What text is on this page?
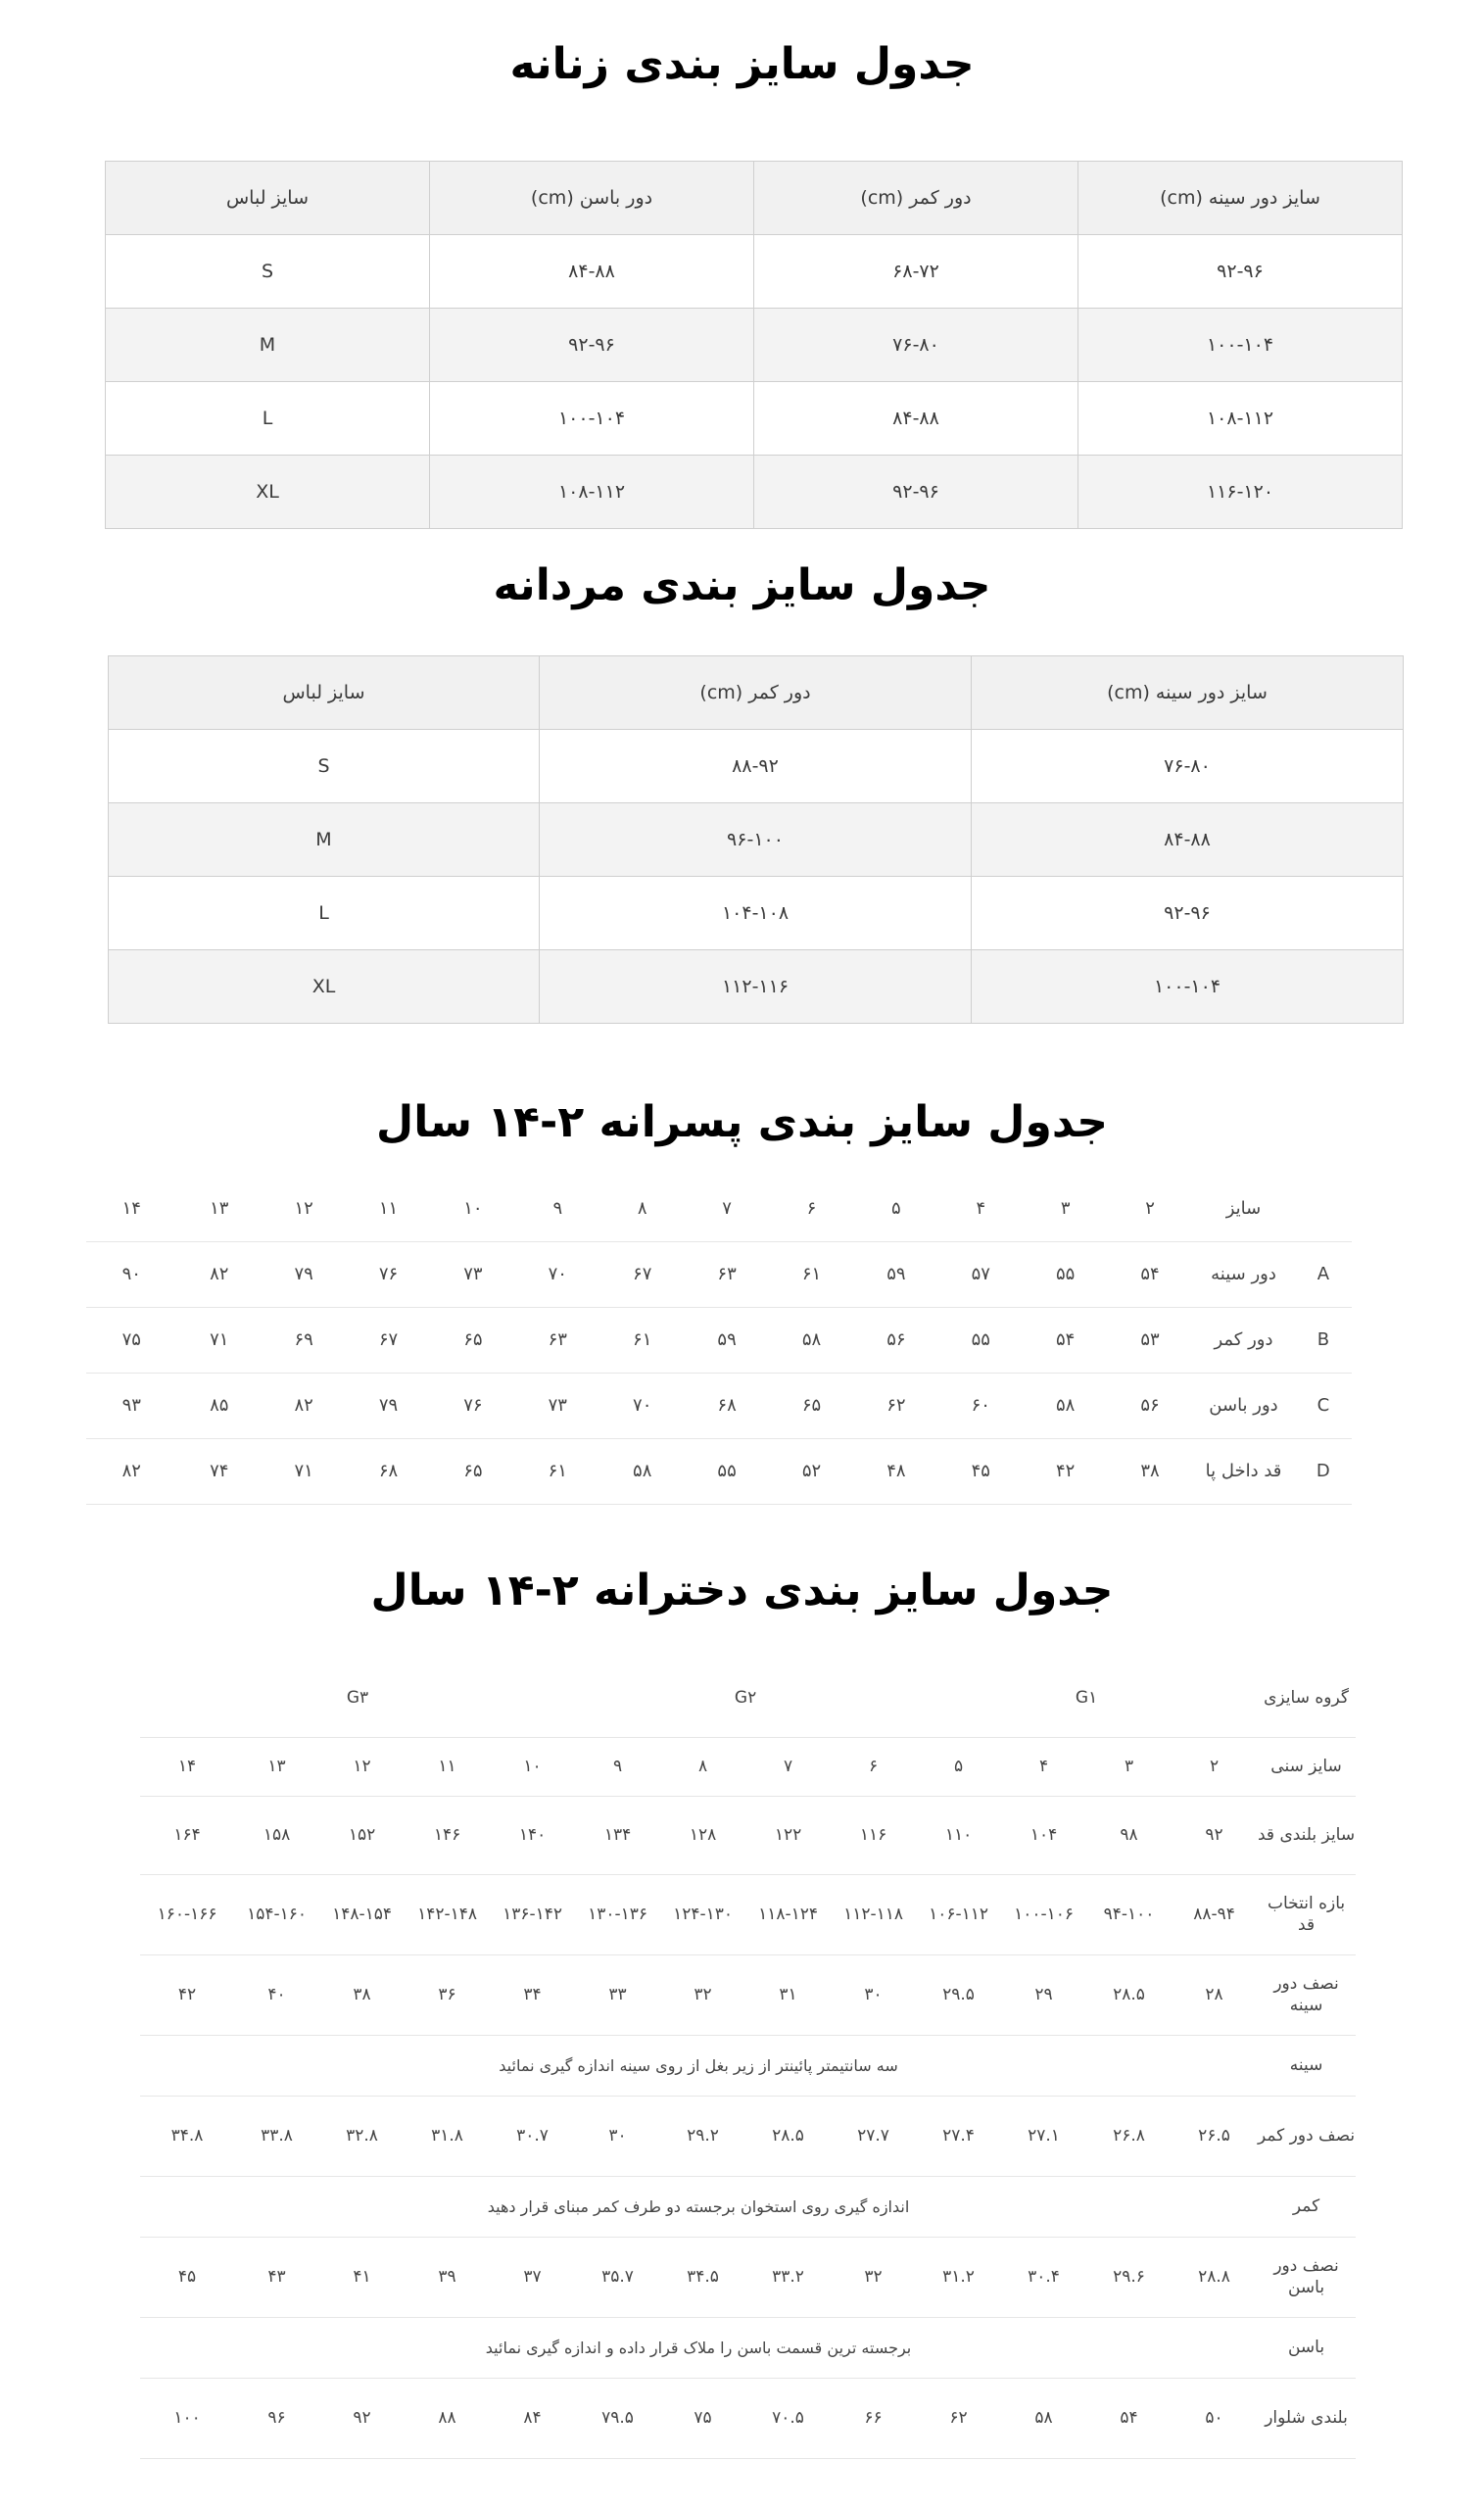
جدول سایز بندی زنانه
سایز دور سینه (cm)	دور کمر (cm)	دور باسن (cm)	سایز لباس
۹۲-۹۶	۶۸-۷۲	۸۴-۸۸	S
۱۰۰-۱۰۴	۷۶-۸۰	۹۲-۹۶	M
۱۰۸-۱۱۲	۸۴-۸۸	۱۰۰-۱۰۴	L
۱۱۶-۱۲۰	۹۲-۹۶	۱۰۸-۱۱۲	XL
جدول سایز بندی مردانه
سایز دور سینه (cm)	دور کمر (cm)	سایز لباس
۷۶-۸۰	۸۸-۹۲	S
۸۴-۸۸	۹۶-۱۰۰	M
۹۲-۹۶	۱۰۴-۱۰۸	L
۱۰۰-۱۰۴	۱۱۲-۱۱۶	XL
جدول سایز بندی پسرانه ۲-۱۴ سال
	سایز	۲	۳	۴	۵	۶	۷	۸	۹	۱۰	۱۱	۱۲	۱۳	۱۴
A	دور سینه	۵۴	۵۵	۵۷	۵۹	۶۱	۶۳	۶۷	۷۰	۷۳	۷۶	۷۹	۸۲	۹۰
B	دور کمر	۵۳	۵۴	۵۵	۵۶	۵۸	۵۹	۶۱	۶۳	۶۵	۶۷	۶۹	۷۱	۷۵
C	دور باسن	۵۶	۵۸	۶۰	۶۲	۶۵	۶۸	۷۰	۷۳	۷۶	۷۹	۸۲	۸۵	۹۳
D	قد داخل پا	۳۸	۴۲	۴۵	۴۸	۵۲	۵۵	۵۸	۶۱	۶۵	۶۸	۷۱	۷۴	۸۲
جدول سایز بندی دخترانه ۲-۱۴ سال
گروه سایزی	G۱				G۲				G۳				
سایز سنی	۲	۳	۴	۵	۶	۷	۸	۹	۱۰	۱۱	۱۲	۱۳	۱۴
سایز بلندی قد	۹۲	۹۸	۱۰۴	۱۱۰	۱۱۶	۱۲۲	۱۲۸	۱۳۴	۱۴۰	۱۴۶	۱۵۲	۱۵۸	۱۶۴
بازه انتخاب قد	۸۸-۹۴	۹۴-۱۰۰	۱۰۰-۱۰۶	۱۰۶-۱۱۲	۱۱۲-۱۱۸	۱۱۸-۱۲۴	۱۲۴-۱۳۰	۱۳۰-۱۳۶	۱۳۶-۱۴۲	۱۴۲-۱۴۸	۱۴۸-۱۵۴	۱۵۴-۱۶۰	۱۶۰-۱۶۶
نصف دور سینه	۲۸	۲۸.۵	۲۹	۲۹.۵	۳۰	۳۱	۳۲	۳۳	۳۴	۳۶	۳۸	۴۰	۴۲
سینه	سه سانتیمتر پائینتر از زیر بغل از روی سینه اندازه گیری نمائید												
نصف دور کمر	۲۶.۵	۲۶.۸	۲۷.۱	۲۷.۴	۲۷.۷	۲۸.۵	۲۹.۲	۳۰	۳۰.۷	۳۱.۸	۳۲.۸	۳۳.۸	۳۴.۸
کمر	اندازه گیری روی استخوان برجسته دو طرف کمر مبنای قرار دهید												
نصف دور باسن	۲۸.۸	۲۹.۶	۳۰.۴	۳۱.۲	۳۲	۳۳.۲	۳۴.۵	۳۵.۷	۳۷	۳۹	۴۱	۴۳	۴۵
باسن	برجسته ترین قسمت باسن را ملاک قرار داده و اندازه گیری نمائید												
بلندی شلوار	۵۰	۵۴	۵۸	۶۲	۶۶	۷۰.۵	۷۵	۷۹.۵	۸۴	۸۸	۹۲	۹۶	۱۰۰
